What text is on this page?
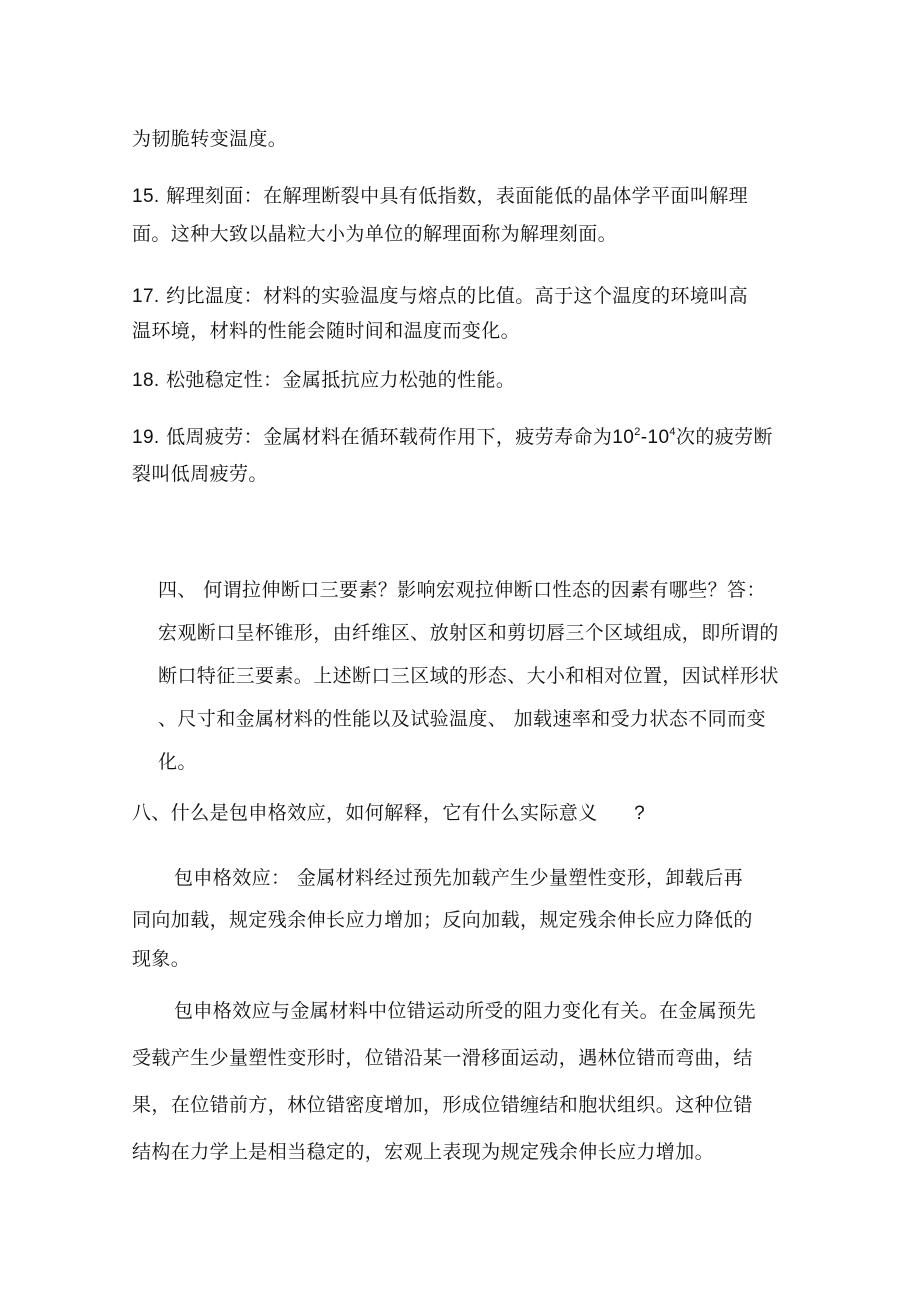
为韧脆转变温度。
15. 解理刻面：在解理断裂中具有低指数，表面能低的晶体学平面叫解理
面。这种大致以晶粒大小为单位的解理面称为解理刻面。
17. 约比温度：材料的实验温度与熔点的比值。高于这个温度的环境叫高
温环境，材料的性能会随时间和温度而变化。
18. 松弛稳定性：金属抵抗应力松弛的性能。
19. 低周疲劳：金属材料在循环载荷作用下，疲劳寿命为$10^2-10^4$次的疲劳断
裂叫低周疲劳。
四、 何谓拉伸断口三要素？影响宏观拉伸断口性态的因素有哪些？答：
宏观断口呈杯锥形，由纤维区、放射区和剪切唇三个区域组成，即所谓的
断口特征三要素。上述断口三区域的形态、大小和相对位置，因试样形状
、尺寸和金属材料的性能以及试验温度、 加载速率和受力状态不同而变
化。
八、什么是包申格效应，如何解释，它有什么实际意义 ?
包申格效应： 金属材料经过预先加载产生少量塑性变形，卸载后再
同向加载，规定残余伸长应力增加；反向加载，规定残余伸长应力降低的
现象。
包申格效应与金属材料中位错运动所受的阻力变化有关。在金属预先
受载产生少量塑性变形时，位错沿某一滑移面运动，遇林位错而弯曲，结
果，在位错前方，林位错密度增加，形成位错缠结和胞状组织。这种位错
结构在力学上是相当稳定的，宏观上表现为规定残余伸长应力增加。
